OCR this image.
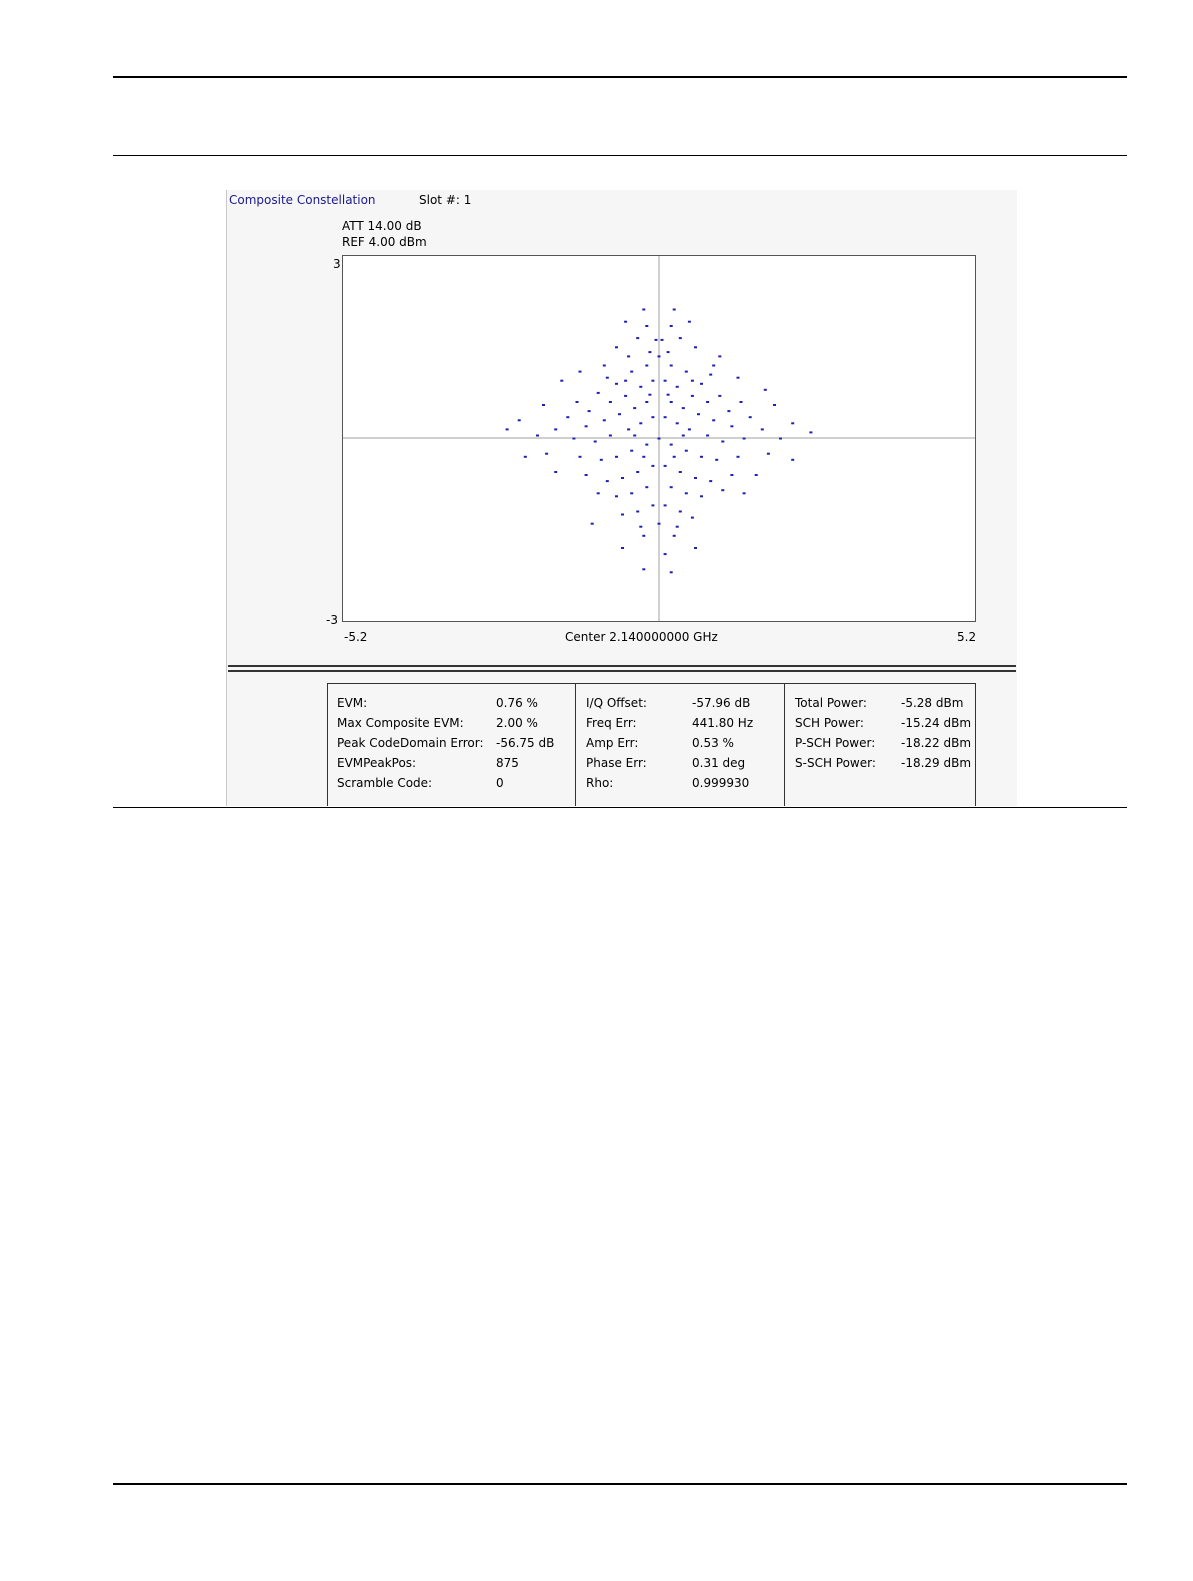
Composite Constellation	Slot #: 1
ATT 14.00 dB
REF 4.00 dBm
3
-3
-5.2	5.2
Center 2.140000000 GHz
EVM:	0.76 %
Max Composite EVM:	2.00 %
Peak CodeDomain Error: -56.75 dB
EVMPeakPos:	875
Scramble Code:	0
I/Q Offset:	-57.96 dB
Freq Err:	441.80 Hz
Amp Err:	0.53 %
Phase Err:	0.31 deg
Rho:	0.999930
Total Power:	-5.28 dBm
SCH Power:	-15.24 dBm
P-SCH Power: -18.22 dBm
S-SCH Power: -18.29 dBm
